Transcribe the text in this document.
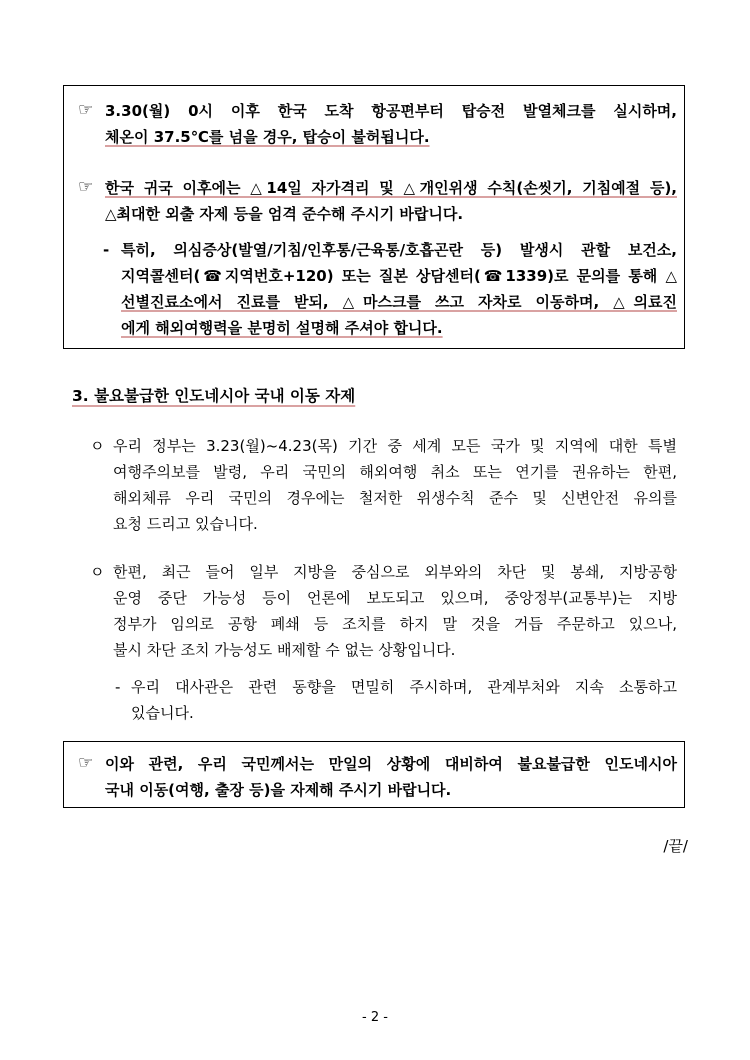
☞ 3.30(월) 0시 이후 한국 도착 항공편부터 탑승전 발열체크를 실시하며,
체온이 37.5℃를 넘을 경우, 탑승이 불허됩니다.
☞ 한국 귀국 이후에는 △14일 자가격리 및 △개인위생 수칙(손씻기, 기침예절 등),
△최대한 외출 자제 등을 엄격 준수해 주시기 바랍니다.
- 특히, 의심증상(발열/기침/인후통/근육통/호흡곤란 등) 발생시 관할 보건소,
지역콜센터(☎지역번호+120) 또는 질본 상담센터(☎1339)로 문의를 통해 △
선별진료소에서 진료를 받되, △마스크를 쓰고 자차로 이동하며, △의료진
에게 해외여행력을 분명히 설명해 주셔야 합니다.
3. 불요불급한 인도네시아 국내 이동 자제
ㅇ 우리 정부는 3.23(월)~4.23(목) 기간 중 세계 모든 국가 및 지역에 대한 특별
여행주의보를 발령, 우리 국민의 해외여행 취소 또는 연기를 권유하는 한편,
해외체류 우리 국민의 경우에는 철저한 위생수칙 준수 및 신변안전 유의를
요청 드리고 있습니다.
ㅇ 한편, 최근 들어 일부 지방을 중심으로 외부와의 차단 및 봉쇄, 지방공항
운영 중단 가능성 등이 언론에 보도되고 있으며, 중앙정부(교통부)는 지방
정부가 임의로 공항 폐쇄 등 조치를 하지 말 것을 거듭 주문하고 있으나,
불시 차단 조치 가능성도 배제할 수 없는 상황입니다.
- 우리 대사관은 관련 동향을 면밀히 주시하며, 관계부처와 지속 소통하고
있습니다.
☞ 이와 관련, 우리 국민께서는 만일의 상황에 대비하여 불요불급한 인도네시아
국내 이동(여행, 출장 등)을 자제해 주시기 바랍니다.
/끝/
- 2 -
